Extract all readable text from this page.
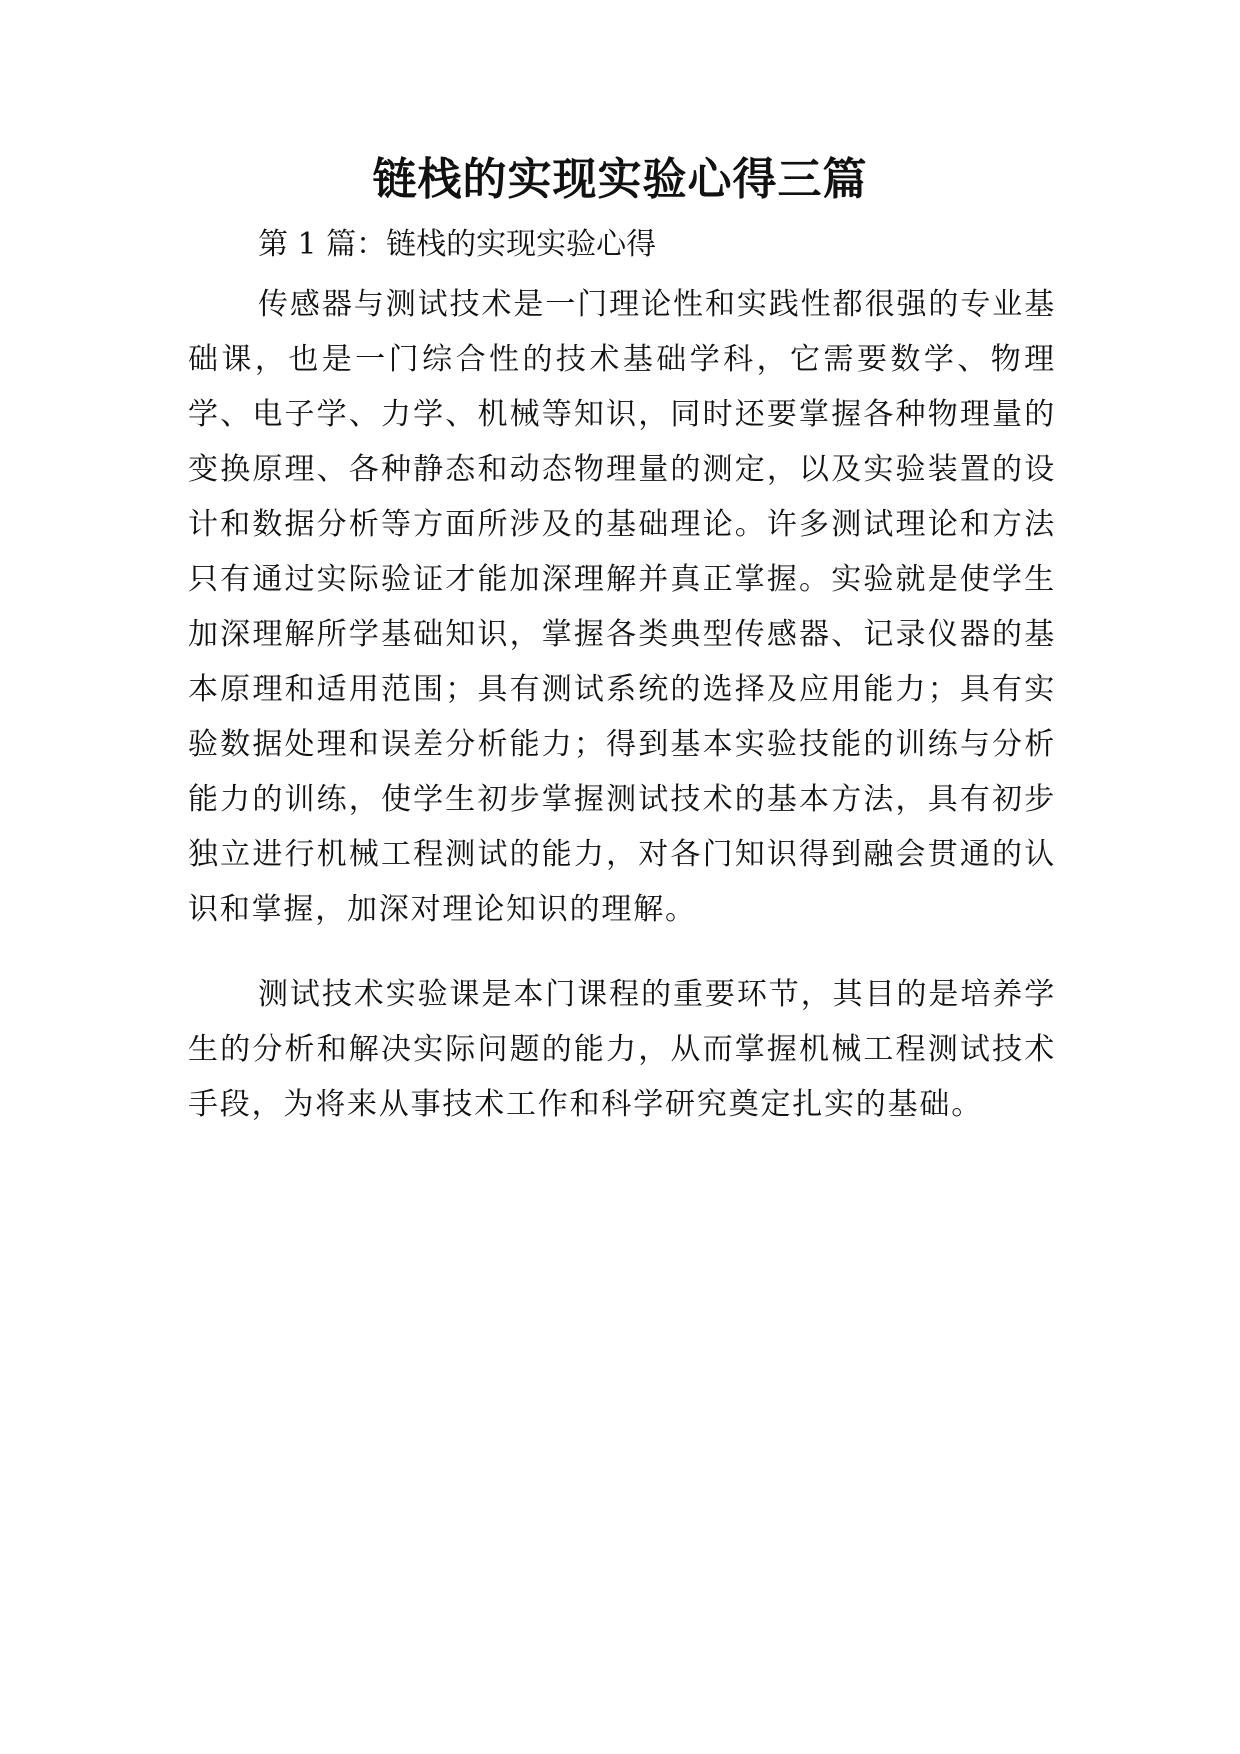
链栈的实现实验心得三篇

第 1 篇：链栈的实现实验心得

传感器与测试技术是一门理论性和实践性都很强的专业基础课，也是一门综合性的技术基础学科，它需要数学、物理学、电子学、力学、机械等知识，同时还要掌握各种物理量的变换原理、各种静态和动态物理量的测定，以及实验装置的设计和数据分析等方面所涉及的基础理论。许多测试理论和方法只有通过实际验证才能加深理解并真正掌握。实验就是使学生加深理解所学基础知识，掌握各类典型传感器、记录仪器的基本原理和适用范围；具有测试系统的选择及应用能力；具有实验数据处理和误差分析能力；得到基本实验技能的训练与分析能力的训练，使学生初步掌握测试技术的基本方法，具有初步独立进行机械工程测试的能力，对各门知识得到融会贯通的认识和掌握，加深对理论知识的理解。

测试技术实验课是本门课程的重要环节，其目的是培养学生的分析和解决实际问题的能力，从而掌握机械工程测试技术手段，为将来从事技术工作和科学研究奠定扎实的基础。
